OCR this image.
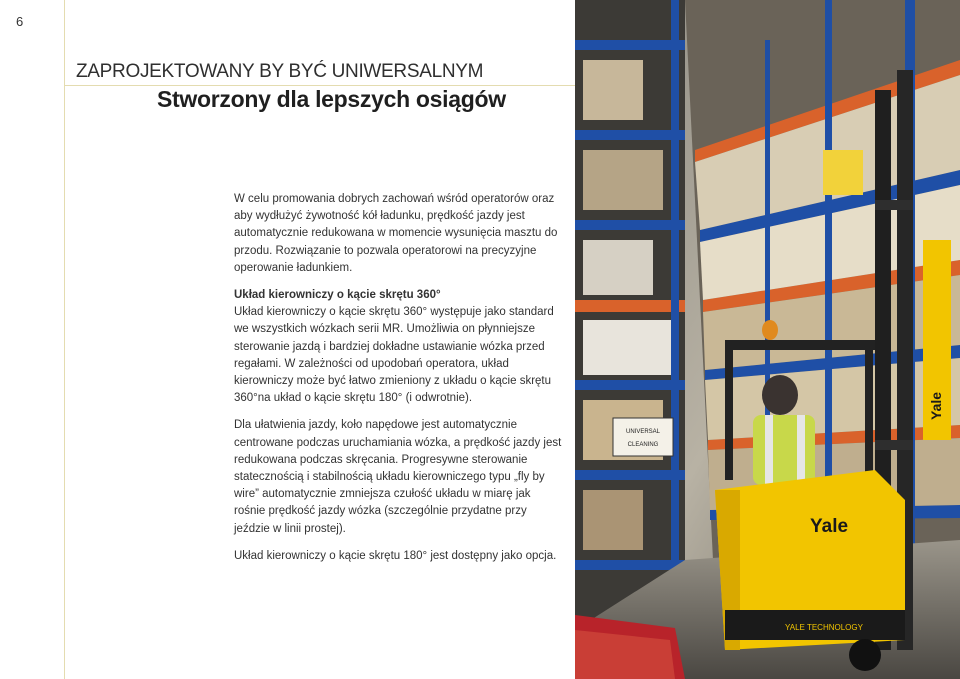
6
ZAPROJEKTOWANY BY BYĆ UNIWERSALNYM
Stworzony dla lepszych osiągów

W celu promowania dobrych zachowań wśród operatorów oraz aby wydłużyć żywotność kół ładunku, prędkość jazdy jest automatycznie redukowana w momencie wysunięcia masztu do przodu. Rozwiązanie to pozwala operatorowi na precyzyjne operowanie ładunkiem.

Układ kierowniczy o kącie skrętu 360°

Układ kierowniczy o kącie skrętu 360° występuje jako standard we wszystkich wózkach serii MR. Umożliwia on płynniejsze sterowanie jazdą i bardziej dokładne ustawianie wózka przed regałami. W zależności od upodobań operatora, układ kierowniczy może być łatwo zmieniony z układu o kącie skrętu 360°na układ o kącie skrętu 180° (i odwrotnie).

Dla ułatwienia jazdy, koło napędowe jest automatycznie centrowane podczas uruchamiania wózka, a prędkość jazdy jest redukowana podczas skręcania. Progresywne sterowanie statecznością i stabilnością układu kierowniczego typu „fly by wire” automatycznie zmniejsza czułość układu w miarę jak rośnie prędkość jazdy wózka (szczególnie przydatne przy jeździe w linii prostej).

Układ kierowniczy o kącie skrętu 180° jest dostępny jako opcja.

UNIVERSAL
CLEANING
Yale
Yale
YALE TECHNOLOGY
